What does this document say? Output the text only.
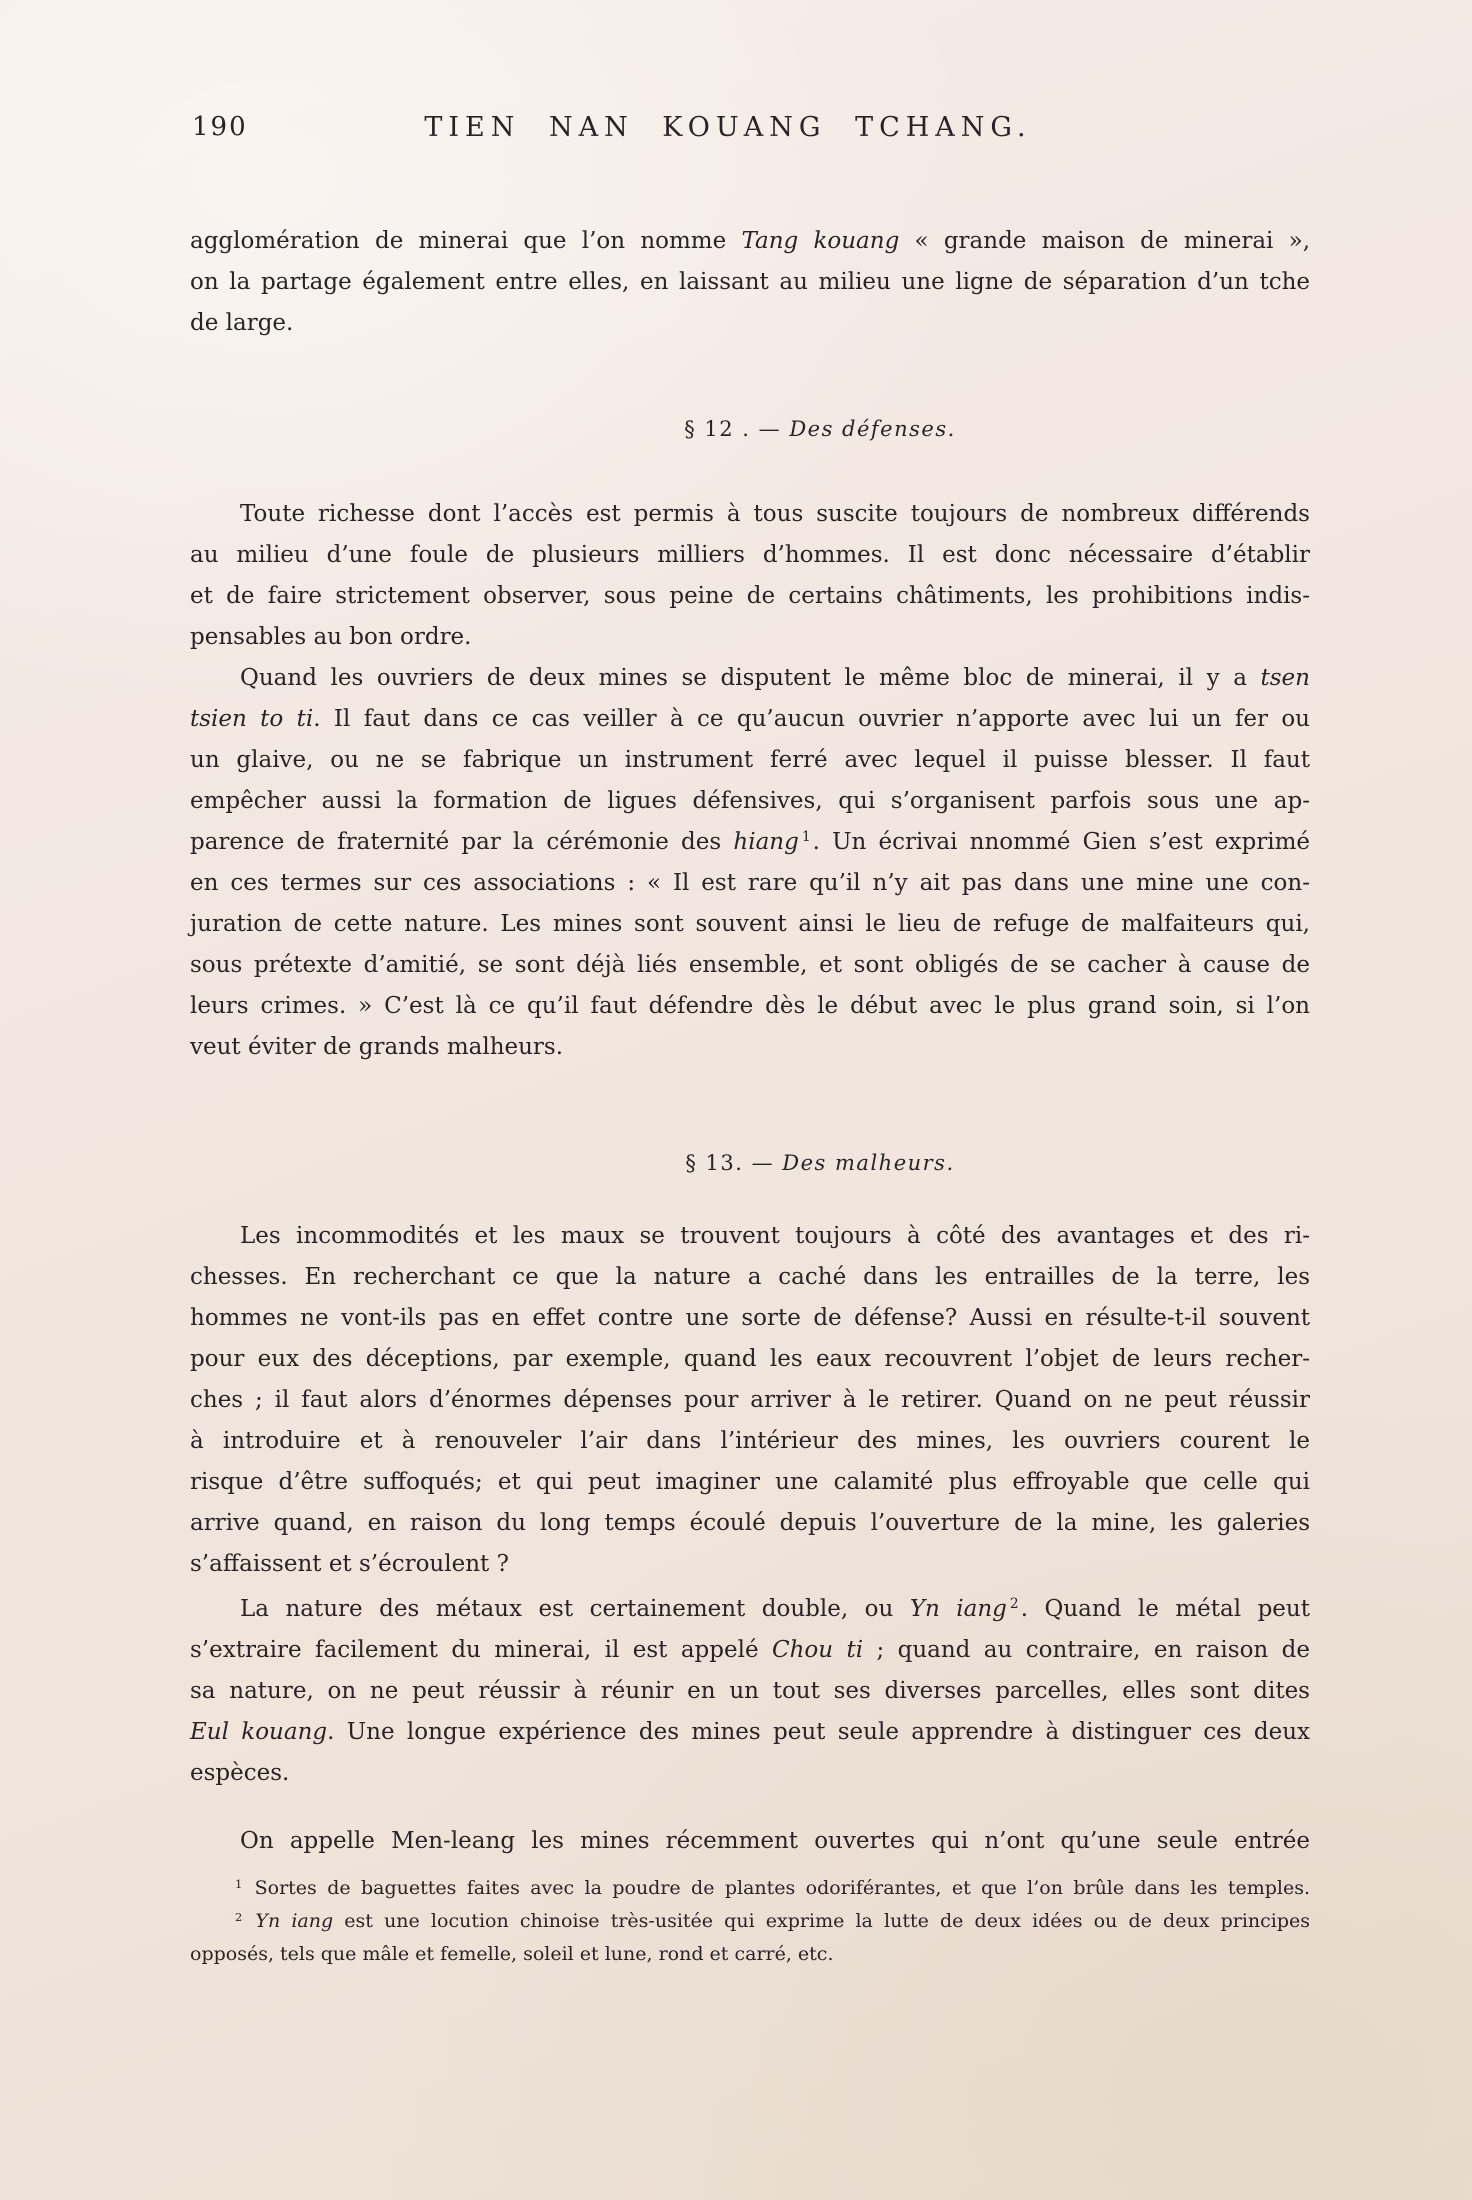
190	TIEN NAN KOUANG TCHANG.
agglomération de minerai que l’on nomme Tang kouang « grande maison de minerai »,
on la partage également entre elles, en laissant au milieu une ligne de séparation d’un tche
de large.
§ 12 . — Des défenses.
Toute richesse dont l’accès est permis à tous suscite toujours de nombreux différends
au milieu d’une foule de plusieurs milliers d’hommes. Il est donc nécessaire d’établir
et de faire strictement observer, sous peine de certains châtiments, les prohibitions indis-
pensables au bon ordre.
Quand les ouvriers de deux mines se disputent le même bloc de minerai, il y a tsen
tsien to ti. Il faut dans ce cas veiller à ce qu’aucun ouvrier n’apporte avec lui un fer ou
un glaive, ou ne se fabrique un instrument ferré avec lequel il puisse blesser. Il faut
empêcher aussi la formation de ligues défensives, qui s’organisent parfois sous une ap-
parence de fraternité par la cérémonie des hiang $^1$. Un écrivai nnommé Gien s’est exprimé
en ces termes sur ces associations : « Il est rare qu’il n’y ait pas dans une mine une con-
juration de cette nature. Les mines sont souvent ainsi le lieu de refuge de malfaiteurs qui,
sous prétexte d’amitié, se sont déjà liés ensemble, et sont obligés de se cacher à cause de
leurs crimes. » C’est là ce qu’il faut défendre dès le début avec le plus grand soin, si l’on
veut éviter de grands malheurs.
§ 13. — Des malheurs.
Les incommodités et les maux se trouvent toujours à côté des avantages et des ri-
chesses. En recherchant ce que la nature a caché dans les entrailles de la terre, les
hommes ne vont-ils pas en effet contre une sorte de défense? Aussi en résulte-t-il souvent
pour eux des déceptions, par exemple, quand les eaux recouvrent l’objet de leurs recher-
ches ; il faut alors d’énormes dépenses pour arriver à le retirer. Quand on ne peut réussir
à introduire et à renouveler l’air dans l’intérieur des mines, les ouvriers courent le
risque d’être suffoqués; et qui peut imaginer une calamité plus effroyable que celle qui
arrive quand, en raison du long temps écoulé depuis l’ouverture de la mine, les galeries
s’affaissent et s’écroulent ?
La nature des métaux est certainement double, ou Yn iang $^2$. Quand le métal peut
s’extraire facilement du minerai, il est appelé Chou ti ; quand au contraire, en raison de
sa nature, on ne peut réussir à réunir en un tout ses diverses parcelles, elles sont dites
Eul kouang. Une longue expérience des mines peut seule apprendre à distinguer ces deux
espèces.
On appelle Men-leang les mines récemment ouvertes qui n’ont qu’une seule entrée
$^1$ Sortes de baguettes faites avec la poudre de plantes odoriférantes, et que l’on brûle dans les temples.
$^2$ Yn iang est une locution chinoise très-usitée qui exprime la lutte de deux idées ou de deux principes
opposés, tels que mâle et femelle, soleil et lune, rond et carré, etc.
